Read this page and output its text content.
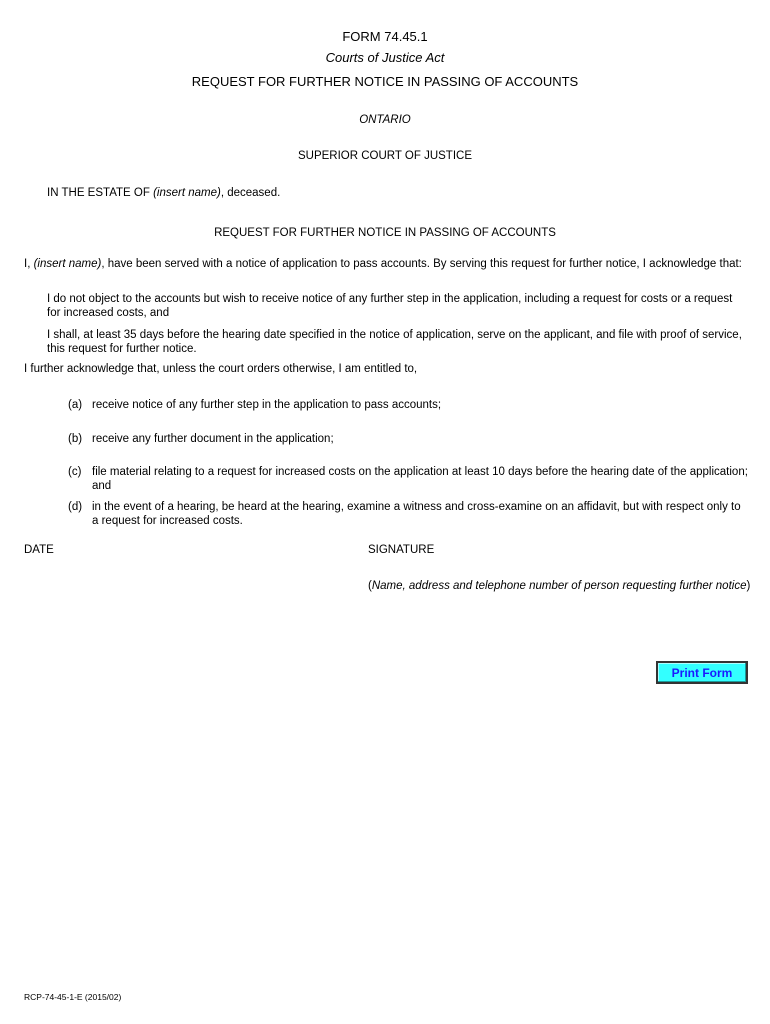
FORM 74.45.1
Courts of Justice Act
REQUEST FOR FURTHER NOTICE IN PASSING OF ACCOUNTS
ONTARIO
SUPERIOR COURT OF JUSTICE
IN THE ESTATE OF (insert name), deceased.
REQUEST FOR FURTHER NOTICE IN PASSING OF ACCOUNTS
I, (insert name), have been served with a notice of application to pass accounts. By serving this request for further notice, I acknowledge that:
I do not object to the accounts but wish to receive notice of any further step in the application, including a request for costs or a request for increased costs, and
I shall, at least 35 days before the hearing date specified in the notice of application, serve on the applicant, and file with proof of service, this request for further notice.
I further acknowledge that, unless the court orders otherwise, I am entitled to,
(a) receive notice of any further step in the application to pass accounts;
(b) receive any further document in the application;
(c) file material relating to a request for increased costs on the application at least 10 days before the hearing date of the application; and
(d) in the event of a hearing, be heard at the hearing, examine a witness and cross-examine on an affidavit, but with respect only to a request for increased costs.
DATE	SIGNATURE
(Name, address and telephone number of person requesting further notice)
Print Form
RCP-74-45-1-E (2015/02)
